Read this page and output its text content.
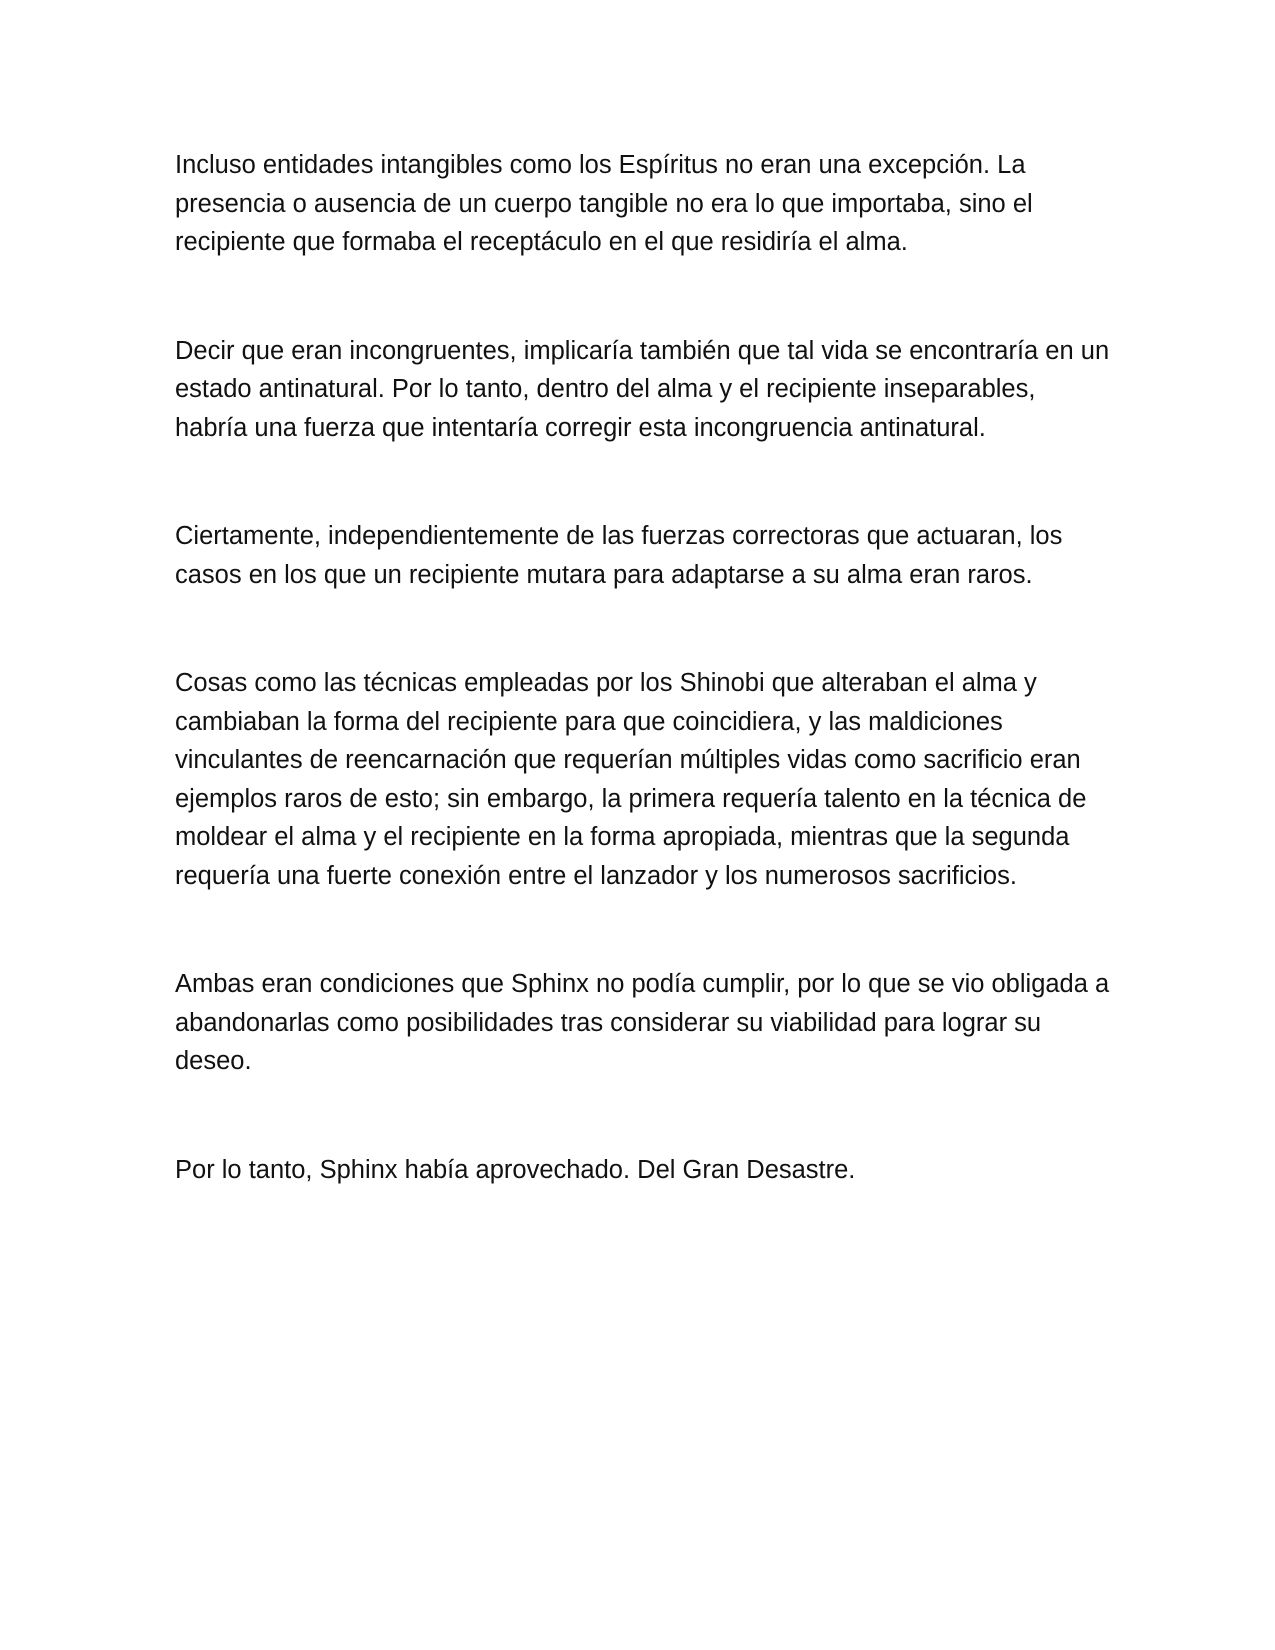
Incluso entidades intangibles como los Espíritus no eran una excepción. La presencia o ausencia de un cuerpo tangible no era lo que importaba, sino el recipiente que formaba el receptáculo en el que residiría el alma.

Decir que eran incongruentes, implicaría también que tal vida se encontraría en un estado antinatural. Por lo tanto, dentro del alma y el recipiente inseparables, habría una fuerza que intentaría corregir esta incongruencia antinatural.

Ciertamente, independientemente de las fuerzas correctoras que actuaran, los casos en los que un recipiente mutara para adaptarse a su alma eran raros.

Cosas como las técnicas empleadas por los Shinobi que alteraban el alma y cambiaban la forma del recipiente para que coincidiera, y las maldiciones vinculantes de reencarnación que requerían múltiples vidas como sacrificio eran ejemplos raros de esto; sin embargo, la primera requería talento en la técnica de moldear el alma y el recipiente en la forma apropiada, mientras que la segunda requería una fuerte conexión entre el lanzador y los numerosos sacrificios.

Ambas eran condiciones que Sphinx no podía cumplir, por lo que se vio obligada a abandonarlas como posibilidades tras considerar su viabilidad para lograr su deseo.

Por lo tanto, Sphinx había aprovechado. Del Gran Desastre.
